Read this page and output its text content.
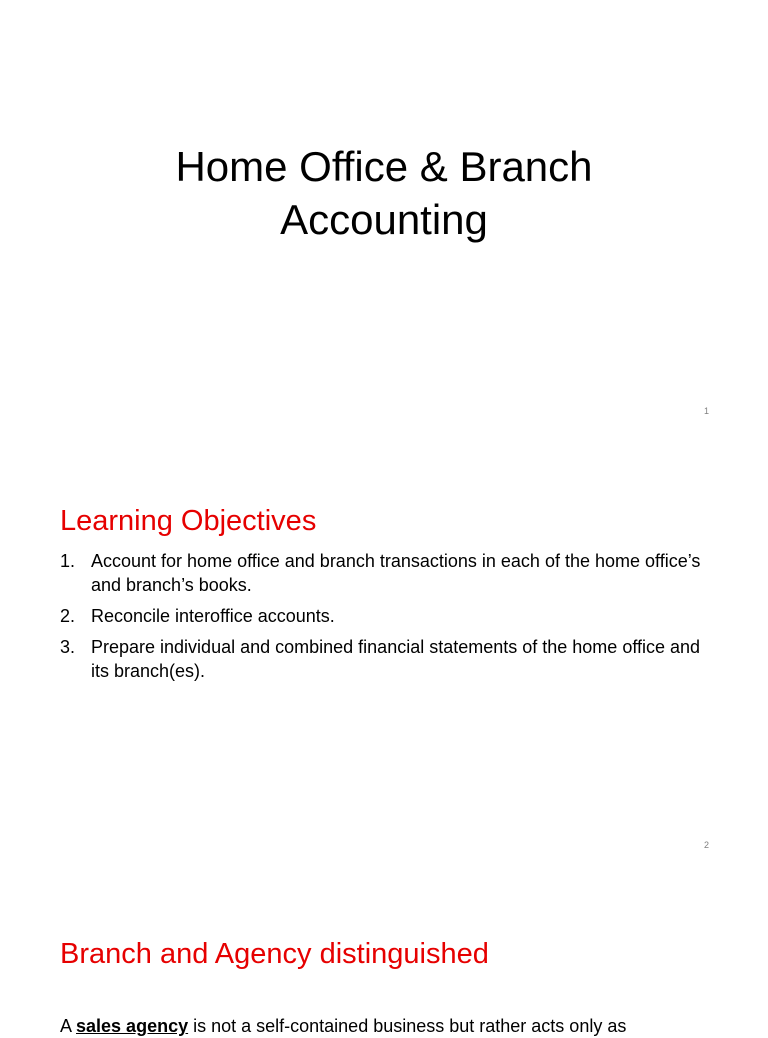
Home Office & Branch
Accounting
1
Learning Objectives
1. Account for home office and branch transactions in each of the home office’s and branch’s books.
2. Reconcile interoffice accounts.
3. Prepare individual and combined financial statements of the home office and its branch(es).
2
Branch and Agency distinguished

A sales agency is not a self-contained business but rather acts only as
